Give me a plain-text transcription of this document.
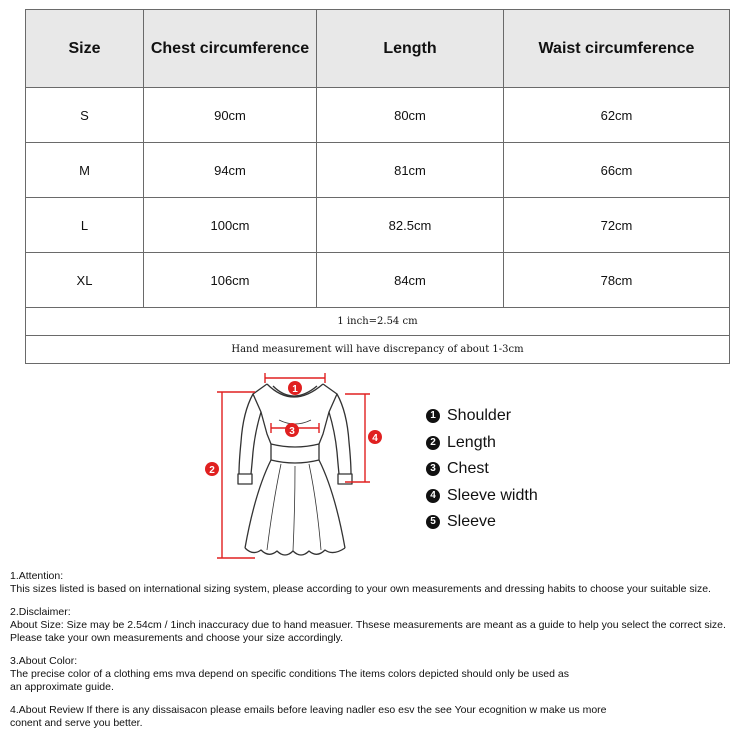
Size	Chest circumference	Length	Waist circumference
S	90cm	80cm	62cm
M	94cm	81cm	66cm
L	100cm	82.5cm	72cm
XL	106cm	84cm	78cm
1 inch=2.54 cm			
Hand measurement will have discrepancy of about 1-3cm			
1
3
2
4
1 Shoulder
2 Length
3 Chest
4 Sleeve width
5 Sleeve

1.Attention:

This sizes listed is based on international sizing system, please according to your own measurements and dressing habits to choose your suitable size.

2.Disclaimer:

About Size: Size may be 2.54cm / 1inch inaccuracy due to hand measuer. Thsese measurements are meant as a guide to help you select the correct size.

Please take your own measurements and choose your size accordingly.

3.About Color:

The precise color of a clothing ems mva depend on specific conditions The items colors depicted should only be used as

an approximate guide.

4.About Review If there is any dissaisacon please emails before leaving nadler eso esv the see Your ecognition w make us more

conent and serve you better.
